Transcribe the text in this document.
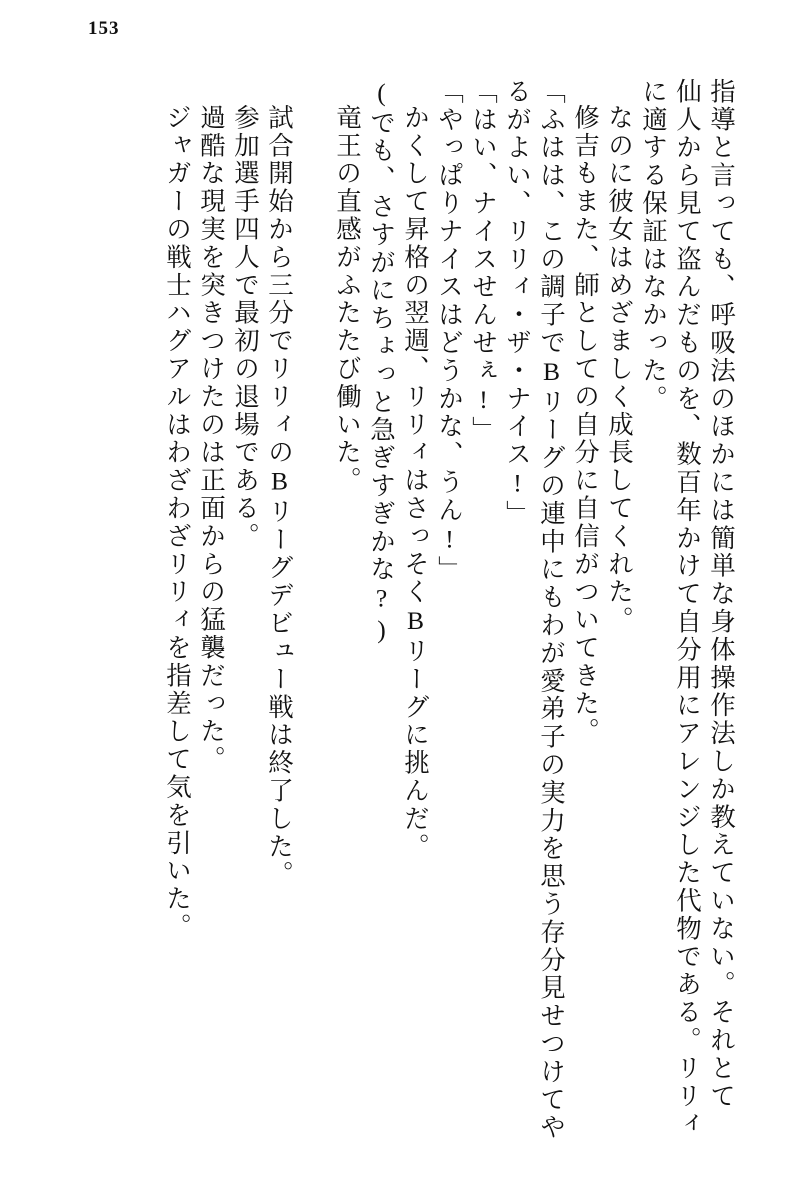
153
指導と言っても、呼吸法のほかには簡単な身体操作法しか教えていない。それとて
仙人から見て盗んだものを、数百年かけて自分用にアレンジした代物である。リリィ
に適する保証はなかった。
なのに彼女はめざましく成長してくれた。
修吉もまた、師としての自分に自信がついてきた。
「ふはは、この調子でBリーグの連中にもわが愛弟子の実力を思う存分見せつけてや
るがよい、リリィ・ザ・ナイス!」
「はい、ナイスせんせぇ!」
「やっぱりナイスはどうかな、うん!」
かくして昇格の翌週、リリィはさっそくBリーグに挑んだ。
(でも、さすがにちょっと急ぎすぎかな?)
竜王の直感がふたたび働いた。
試合開始から三分でリリィのBリーグデビュー戦は終了した。
参加選手四人で最初の退場である。
過酷な現実を突きつけたのは正面からの猛襲だった。
ジャガーの戦士ハグアルはわざわざリリィを指差して気を引いた。
